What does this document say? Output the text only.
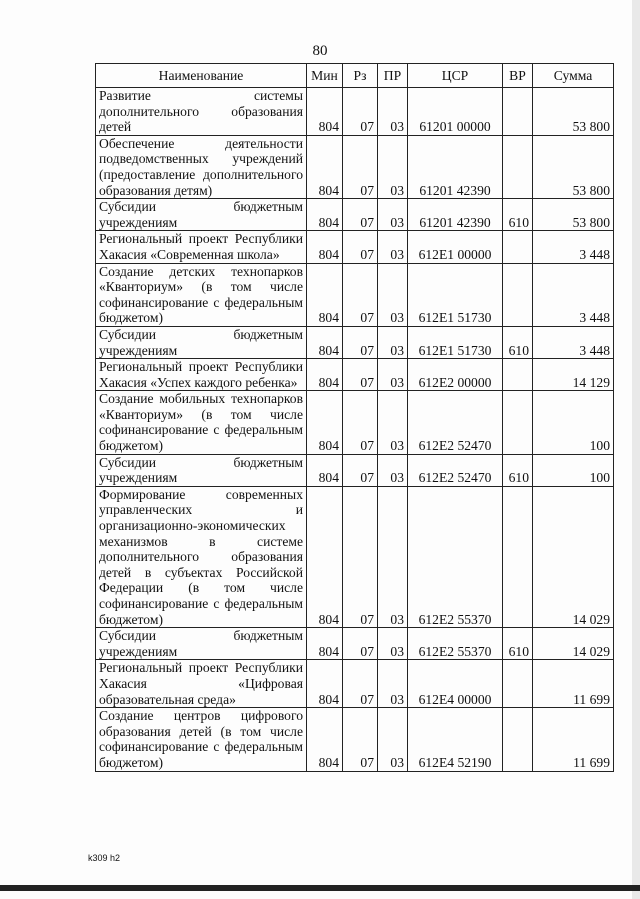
80
Наименование	Мин	Рз	ПР	ЦСР	ВР	Сумма
Развитие системы дополнительного образования детей	804	07	03	61201 00000		53 800
Обеспечение деятельности подведомственных учреждений (предоставление дополнительного образования детям)	804	07	03	61201 42390		53 800
Субсидии бюджетным учреждениям	804	07	03	61201 42390	610	53 800
Региональный проект Республики Хакасия «Современная школа»	804	07	03	612Е1 00000		3 448
Создание детских технопарков «Кванториум» (в том числе софинансирование с федеральным бюджетом)	804	07	03	612Е1 51730		3 448
Субсидии бюджетным учреждениям	804	07	03	612Е1 51730	610	3 448
Региональный проект Республики Хакасия «Успех каждого ребенка»	804	07	03	612Е2 00000		14 129
Создание мобильных технопарков «Кванториум» (в том числе софинансирование с федеральным бюджетом)	804	07	03	612Е2 52470		100
Субсидии бюджетным учреждениям	804	07	03	612Е2 52470	610	100
Формирование современных управленческих и организационно-экономических механизмов в системе дополнительного образования детей в субъектах Российской Федерации (в том числе софинансирование с федеральным бюджетом)	804	07	03	612Е2 55370		14 029
Субсидии бюджетным учреждениям	804	07	03	612Е2 55370	610	14 029
Региональный проект Республики Хакасия «Цифровая образовательная среда»	804	07	03	612Е4 00000		11 699
Создание центров цифрового образования детей (в том числе софинансирование с федеральным бюджетом)	804	07	03	612Е4 52190		11 699
k309 h2
